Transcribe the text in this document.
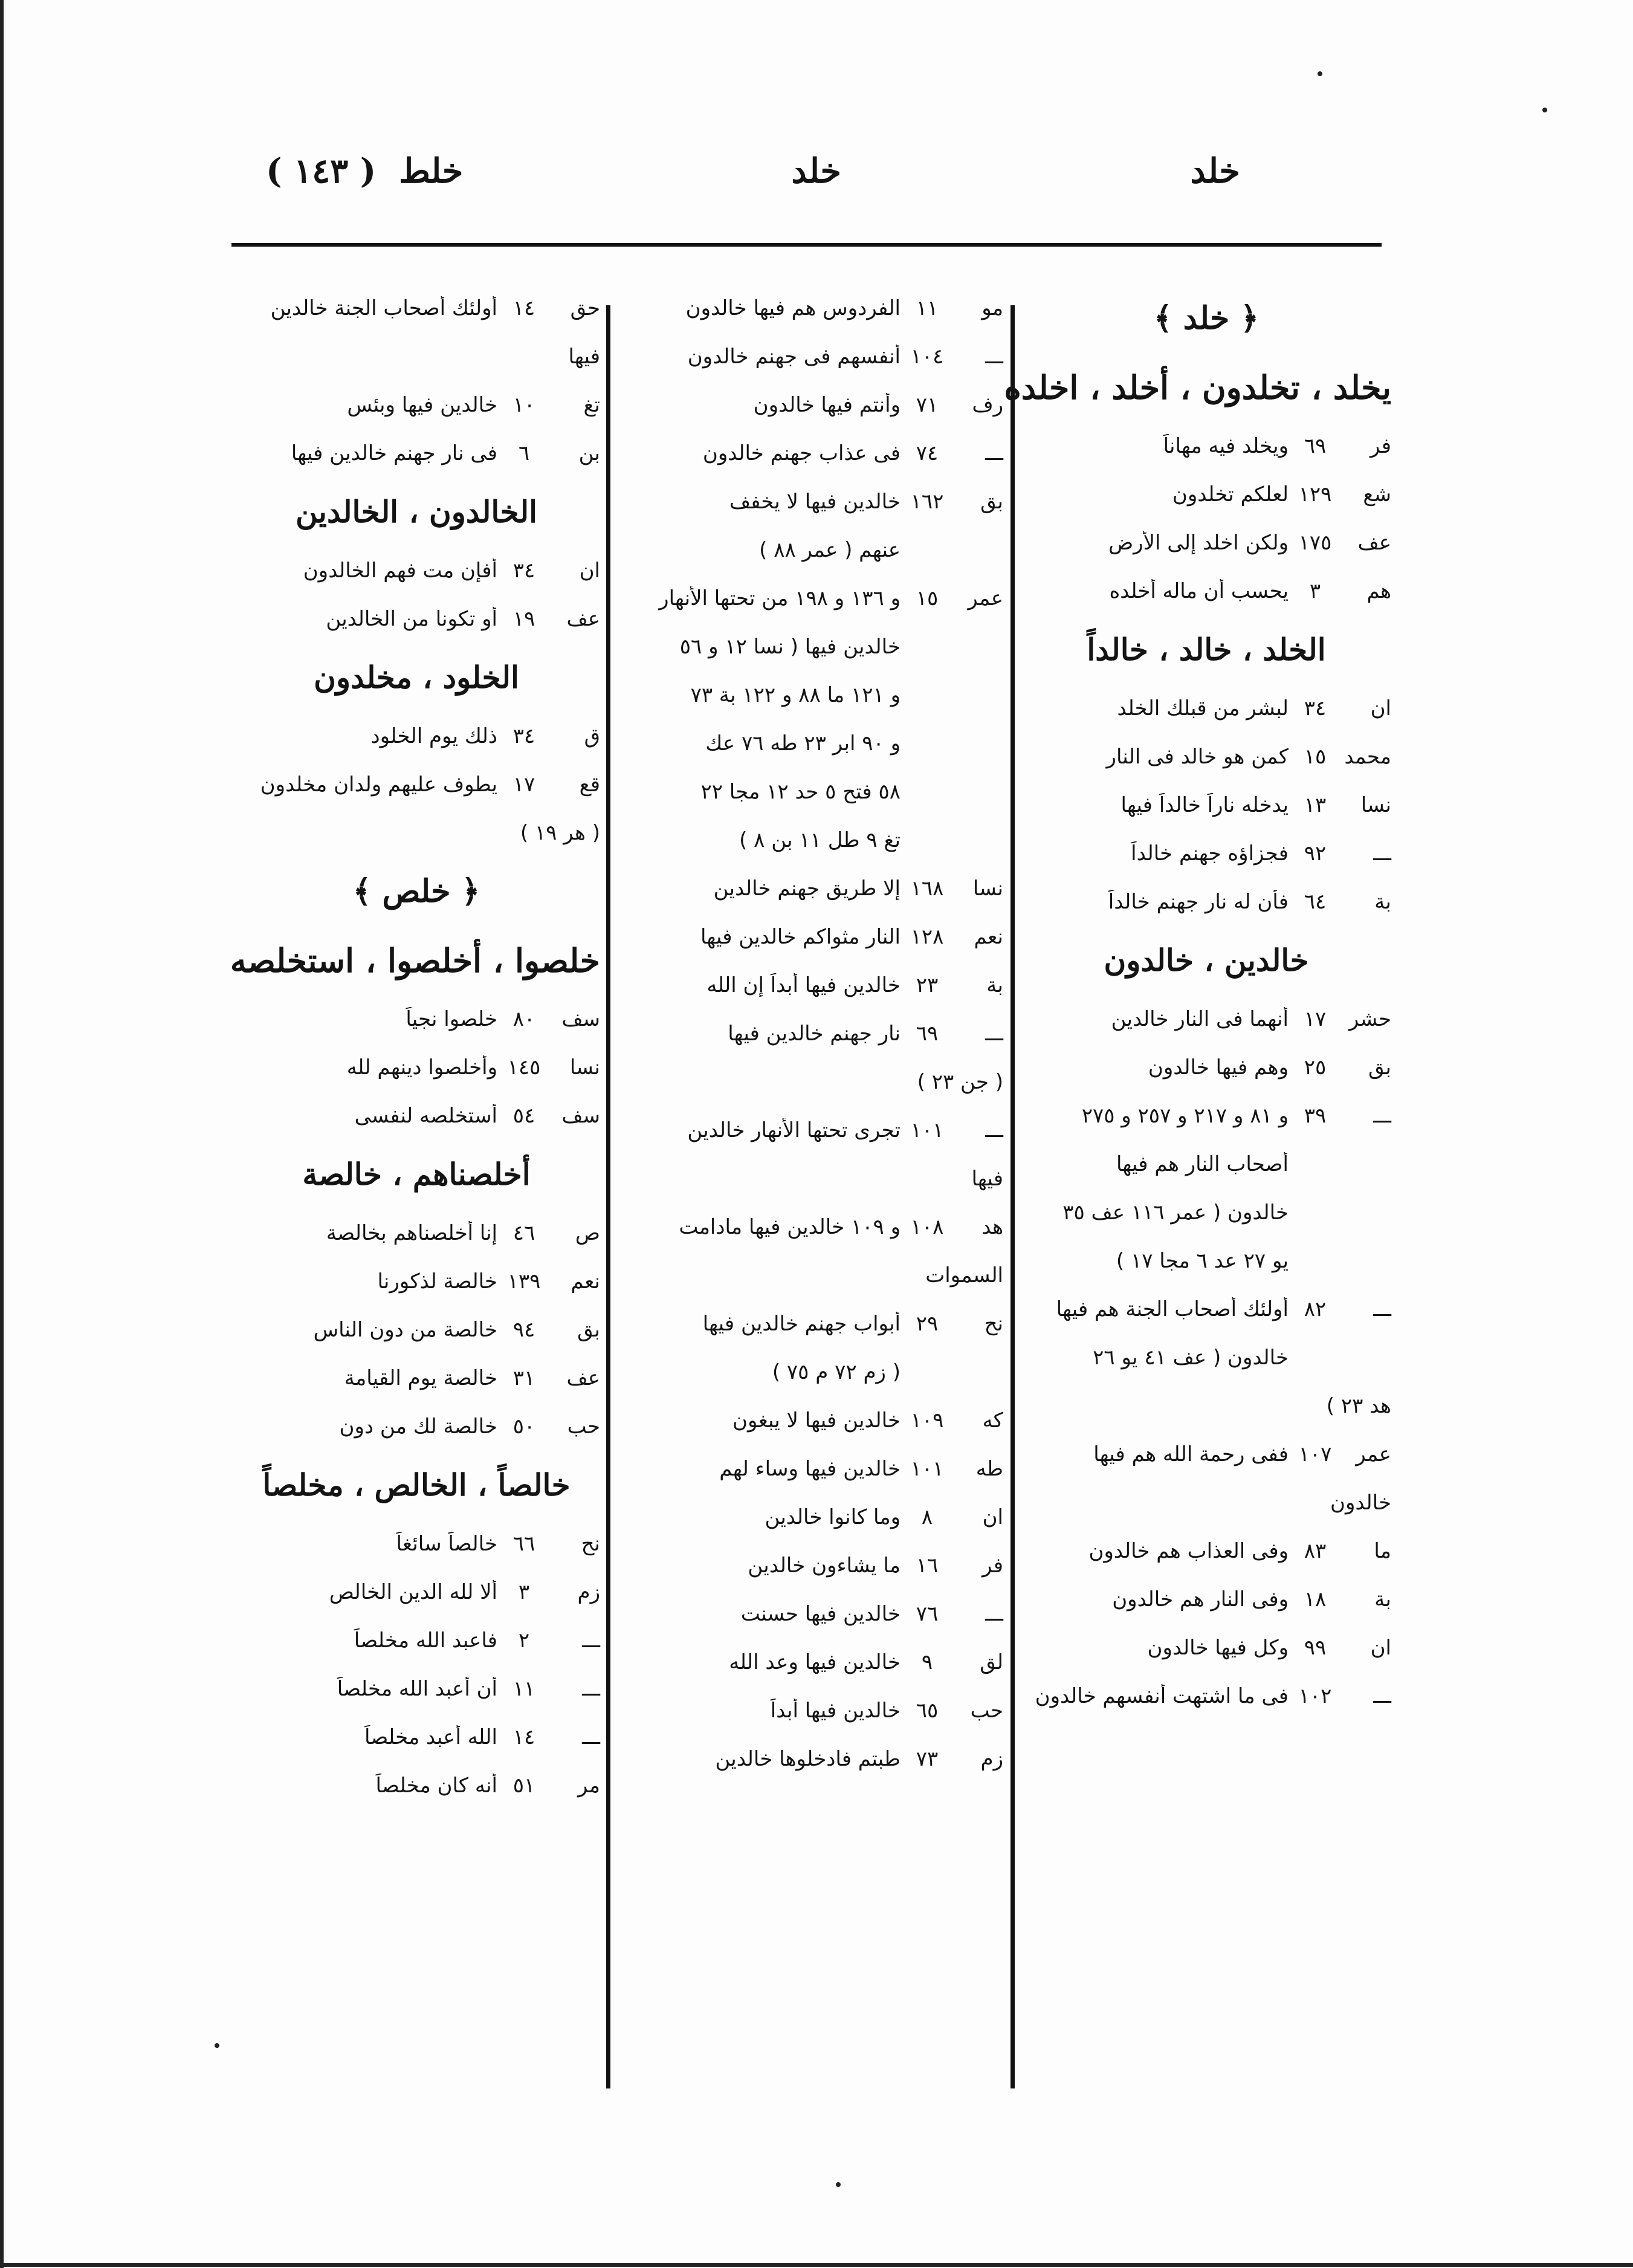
خلد
خلد
خلط
( ١٤٣ )
﴿ خلد ﴾
يخلد ، تخلدون ، أخلد ، اخلده
فر
٦٩
ويخلد فيه مهاناً
شع
١٢٩
لعلكم تخلدون
عف
١٧٥
ولكن اخلد إلى الأرض
هم
٣
يحسب أن ماله أخلده
الخلد ، خالد ، خالداً
ان
٣٤
لبشر من قبلك الخلد
محمد
١٥
كمن هو خالد فى النار
نسا
١٣
يدخله ناراً خالداً فيها
ـــ
٩٢
فجزاؤه جهنم خالداً
بة
٦٤
فأن له نار جهنم خالداً
خالدين ، خالدون
حشر
١٧
أنهما فى النار خالدين
بق
٢٥
وهم فيها خالدون
ـــ
٣٩
و ٨١ و ٢١٧ و ٢٥٧ و ٢٧٥
أصحاب النار هم فيها
خالدون ( عمر ١١٦ عف ٣٥
يو ٢٧ عد ٦ مجا ١٧ )
ـــ
٨٢
أولئك أصحاب الجنة هم فيها
خالدون ( عف ٤١ يو ٢٦
هد ٢٣ )
عمر
١٠٧
ففى رحمة الله هم فيها
خالدون
ما
٨٣
وفى العذاب هم خالدون
بة
١٨
وفى النار هم خالدون
ان
٩٩
وكل فيها خالدون
ـــ
١٠٢
فى ما اشتهت أنفسهم خالدون
مو
١١
الفردوس هم فيها خالدون
ـــ
١٠٤
أنفسهم فى جهنم خالدون
رف
٧١
وأنتم فيها خالدون
ـــ
٧٤
فى عذاب جهنم خالدون
بق
١٦٢
خالدين فيها لا يخفف
عنهم ( عمر ٨٨ )
عمر
١٥
و ١٣٦ و ١٩٨ من تحتها الأنهار
خالدين فيها ( نسا ١٢ و ٥٦
و ١٢١ ما ٨٨ و ١٢٢ بة ٧٣
و ٩٠ ابر ٢٣ طه ٧٦ عك
٥٨ فتح ٥ حد ١٢ مجا ٢٢
تغ ٩ طل ١١ بن ٨ )
نسا
١٦٨
إلا طريق جهنم خالدين
نعم
١٢٨
النار مثواكم خالدين فيها
بة
٢٣
خالدين فيها أبداً إن الله
ـــ
٦٩
نار جهنم خالدين فيها
( جن ٢٣ )
ـــ
١٠١
تجرى تحتها الأنهار خالدين
فيها
هد
١٠٨
و ١٠٩ خالدين فيها مادامت
السموات
نح
٢٩
أبواب جهنم خالدين فيها
( زم ٧٢ م ٧٥ )
كه
١٠٩
خالدين فيها لا يبغون
طه
١٠١
خالدين فيها وساء لهم
ان
٨
وما كانوا خالدين
فر
١٦
ما يشاءون خالدين
ـــ
٧٦
خالدين فيها حسنت
لق
٩
خالدين فيها وعد الله
حب
٦٥
خالدين فيها أبداً
زم
٧٣
طبتم فادخلوها خالدين
حق
١٤
أولئك أصحاب الجنة خالدين
فيها
تغ
١٠
خالدين فيها وبئس
بن
٦
فى نار جهنم خالدين فيها
الخالدون ، الخالدين
ان
٣٤
أفإن مت فهم الخالدون
عف
١٩
أو تكونا من الخالدين
الخلود ، مخلدون
ق
٣٤
ذلك يوم الخلود
قع
١٧
يطوف عليهم ولدان مخلدون
( هر ١٩ )
﴿ خلص ﴾
خلصوا ، أخلصوا ، استخلصه
سف
٨٠
خلصوا نجياً
نسا
١٤٥
وأخلصوا دينهم لله
سف
٥٤
أستخلصه لنفسى
أخلصناهم ، خالصة
ص
٤٦
إنا أخلصناهم بخالصة
نعم
١٣٩
خالصة لذكورنا
بق
٩٤
خالصة من دون الناس
عف
٣١
خالصة يوم القيامة
حب
٥٠
خالصة لك من دون
خالصاً ، الخالص ، مخلصاً
نح
٦٦
خالصاً سائغاً
زم
٣
ألا لله الدين الخالص
ـــ
٢
فاعبد الله مخلصاً
ـــ
١١
أن أعبد الله مخلصاً
ـــ
١٤
الله أعبد مخلصاً
مر
٥١
أنه كان مخلصاً
